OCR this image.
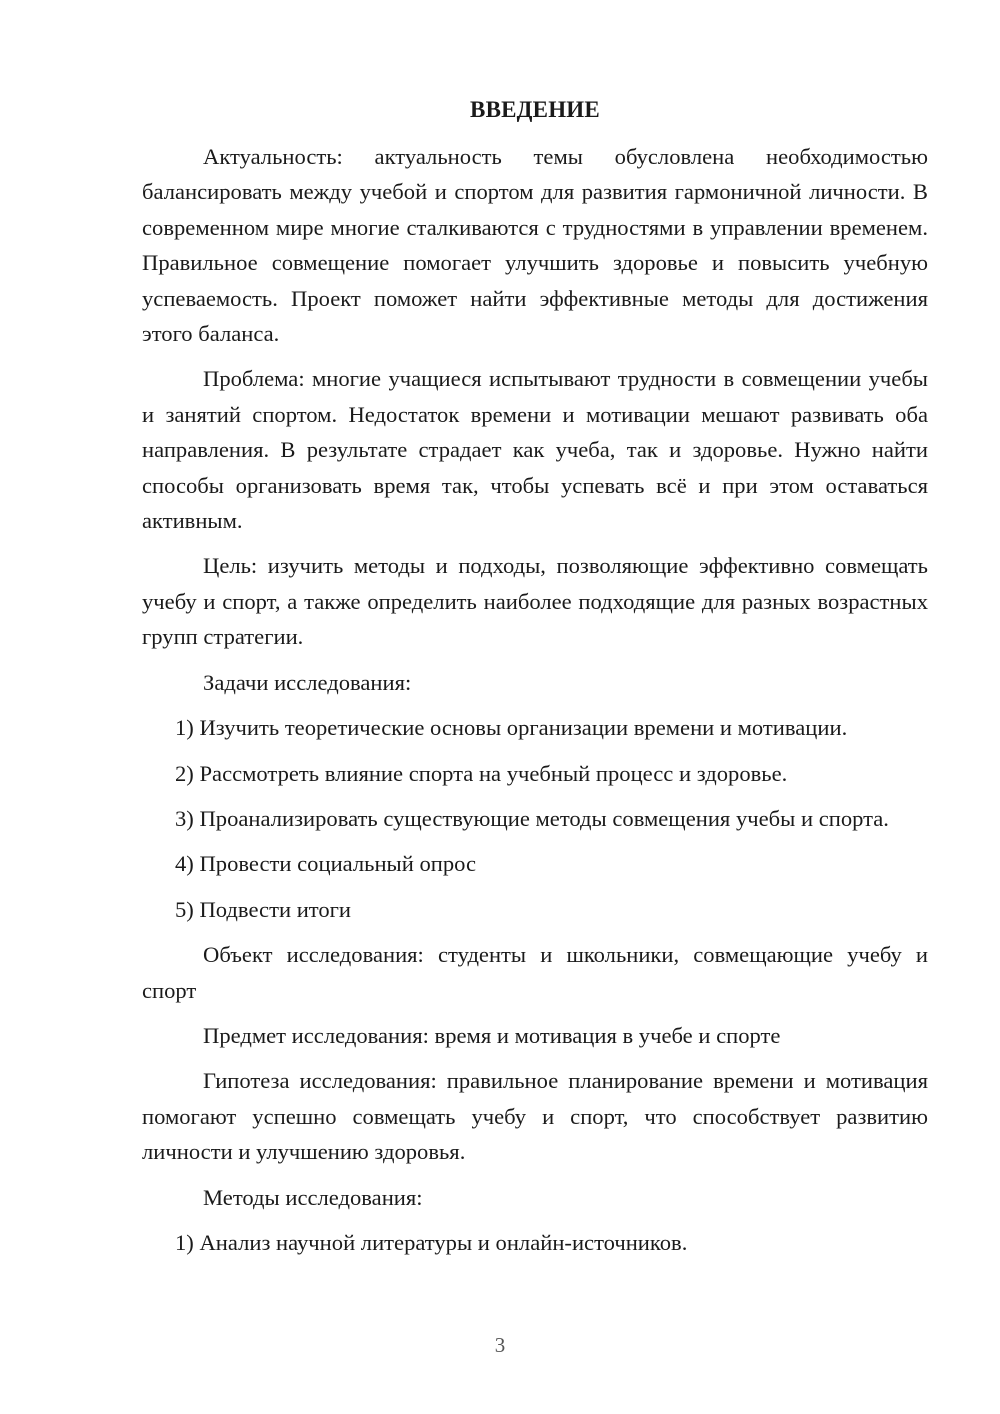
ВВЕДЕНИЕ

Актуальность: актуальность темы обусловлена необходимостью балансировать между учебой и спортом для развития гармоничной личности. В современном мире многие сталкиваются с трудностями в управлении временем. Правильное совмещение помогает улучшить здоровье и повысить учебную успеваемость. Проект поможет найти эффективные методы для достижения этого баланса.

Проблема: многие учащиеся испытывают трудности в совмещении учебы и занятий спортом. Недостаток времени и мотивации мешают развивать оба направления. В результате страдает как учеба, так и здоровье. Нужно найти способы организовать время так, чтобы успевать всё и при этом оставаться активным.

Цель: изучить методы и подходы, позволяющие эффективно совмещать учебу и спорт, а также определить наиболее подходящие для разных возрастных групп стратегии.

Задачи исследования:

1) Изучить теоретические основы организации времени и мотивации.

2) Рассмотреть влияние спорта на учебный процесс и здоровье.

3) Проанализировать существующие методы совмещения учебы и спорта.

4) Провести социальный опрос

5) Подвести итоги

Объект исследования: студенты и школьники, совмещающие учебу и спорт

Предмет исследования: время и мотивация в учебе и спорте

Гипотеза исследования: правильное планирование времени и мотивация помогают успешно совмещать учебу и спорт, что способствует развитию личности и улучшению здоровья.

Методы исследования:

1) Анализ научной литературы и онлайн-источников.

3
